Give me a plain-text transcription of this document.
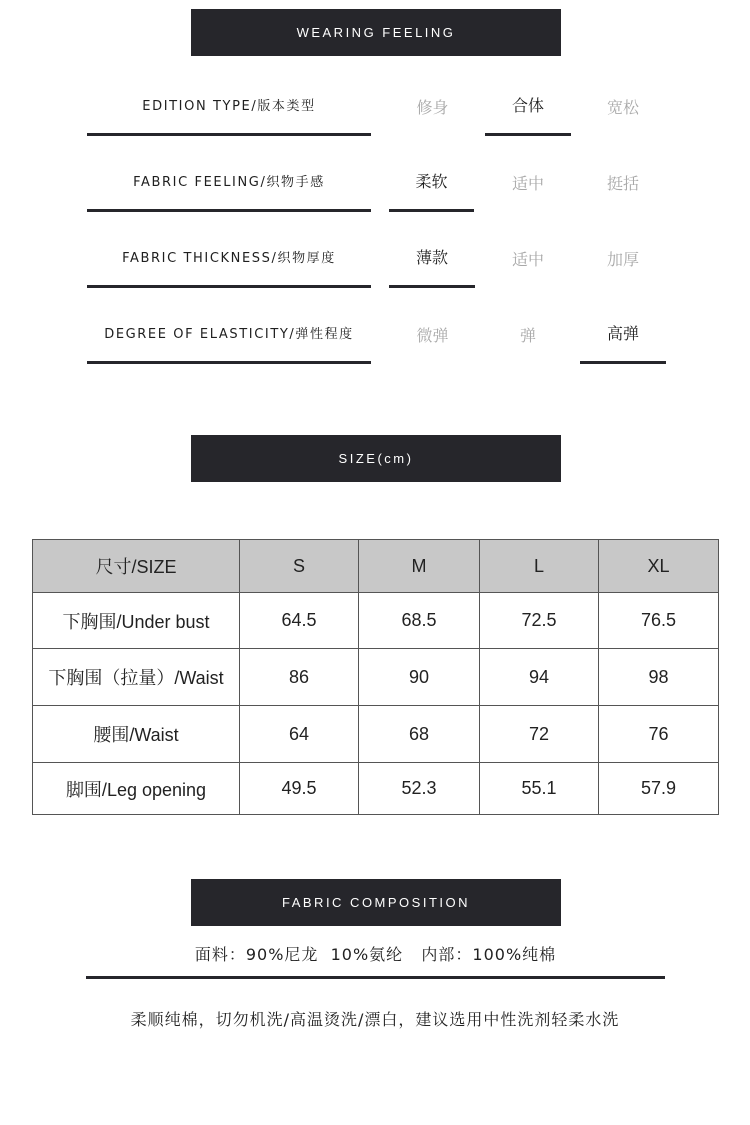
WEARING FEELING
EDITION TYPE/版本类型	修身	合体	宽松
FABRIC FEELING/织物手感	柔软	适中	挺括
FABRIC THICKNESS/织物厚度	薄款	适中	加厚
DEGREE OF ELASTICITY/弹性程度	微弹	弹	高弹
SIZE(cm)
尺寸/SIZE	S	M	L	XL
下胸围/Under bust	64.5	68.5	72.5	76.5
下胸围（拉量）/Waist	86	90	94	98
腰围/Waist	64	68	72	76
脚围/Leg opening	49.5	52.3	55.1	57.9
FABRIC COMPOSITION
面料：90%尼龙  10%氨纶   内部：100%纯棉
柔顺纯棉，切勿机洗/高温烫洗/漂白，建议选用中性洗剂轻柔水洗
